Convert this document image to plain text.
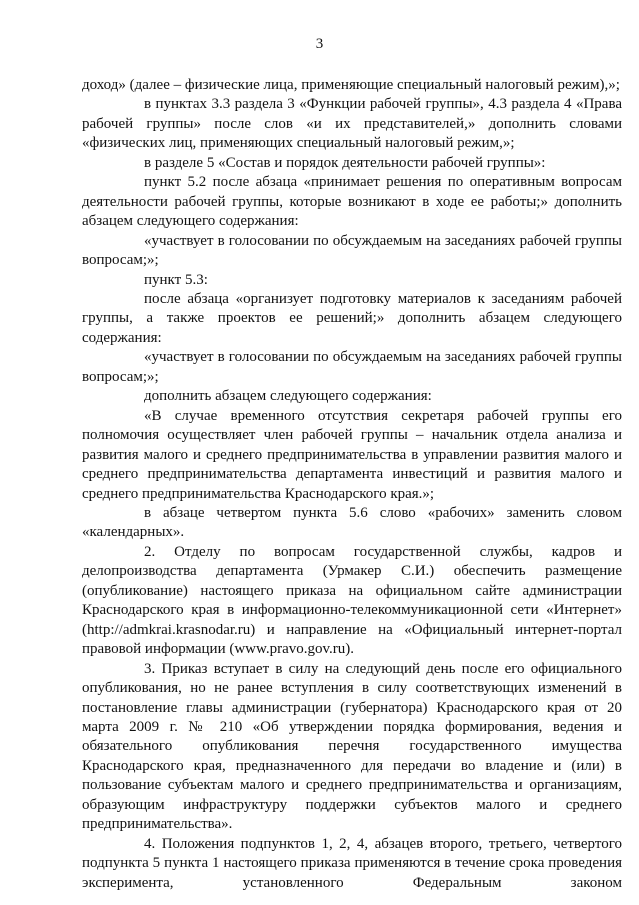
3

доход» (далее – физические лица, применяющие специальный налоговый режим),»;

в пунктах 3.3 раздела 3 «Функции рабочей группы», 4.3 раздела 4 «Права рабочей группы» после слов «и их представителей,» дополнить словами «физических лиц, применяющих специальный налоговый режим,»;

в разделе 5 «Состав и порядок деятельности рабочей группы»:

пункт 5.2 после абзаца «принимает решения по оперативным вопросам деятельности рабочей группы, которые возникают в ходе ее работы;» дополнить абзацем следующего содержания:

«участвует в голосовании по обсуждаемым на заседаниях рабочей группы вопросам;»;

пункт 5.3:

после абзаца «организует подготовку материалов к заседаниям рабочей группы, а также проектов ее решений;» дополнить абзацем следующего содержания:

«участвует в голосовании по обсуждаемым на заседаниях рабочей группы вопросам;»;

дополнить абзацем следующего содержания:

«В случае временного отсутствия секретаря рабочей группы его полномочия осуществляет член рабочей группы – начальник отдела анализа и развития малого и среднего предпринимательства в управлении развития малого и среднего предпринимательства департамента инвестиций и развития малого и среднего предпринимательства Краснодарского края.»;

в абзаце четвертом пункта 5.6 слово «рабочих» заменить словом «календарных».

2. Отделу по вопросам государственной службы, кадров и делопроизводства департамента (Урмакер С.И.) обеспечить размещение (опубликование) настоящего приказа на официальном сайте администрации Краснодарского края в информационно-телекоммуникационной сети «Интернет» (http://admkrai.krasnodar.ru) и направление на «Официальный интернет-портал правовой информации (www.pravo.gov.ru).

3. Приказ вступает в силу на следующий день после его официального опубликования, но не ранее вступления в силу соответствующих изменений в постановление главы администрации (губернатора) Краснодарского края от 20 марта 2009 г. № 210 «Об утверждении порядка формирования, ведения и обязательного опубликования перечня государственного имущества Краснодарского края, предназначенного для передачи во владение и (или) в пользование субъектам малого и среднего предпринимательства и организациям, образующим инфраструктуру поддержки субъектов малого и среднего предпринимательства».

4. Положения подпунктов 1, 2, 4, абзацев второго, третьего, четвертого подпункта 5 пункта 1 настоящего приказа применяются в течение срока проведения эксперимента, установленного Федеральным законом
